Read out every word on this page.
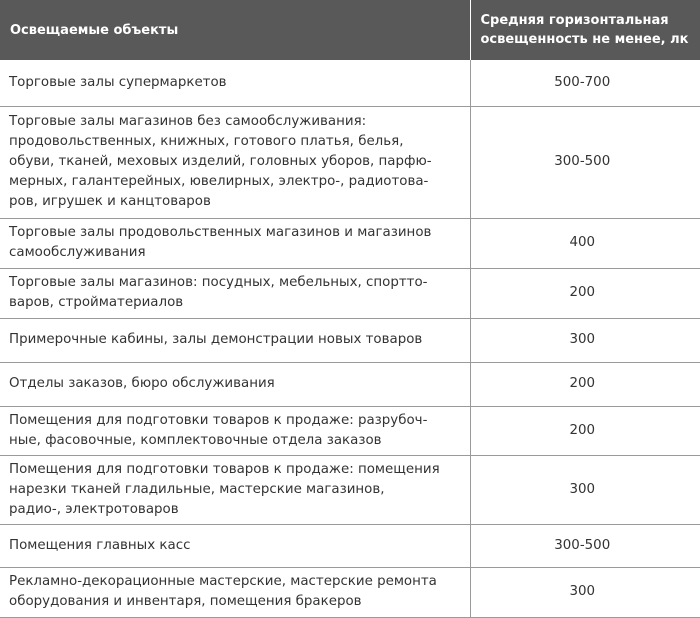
Освещаемые объекты	Средняя горизонтальная освещенность не менее, лк
Торговые залы супермаркетов	500-700
Торговые залы магазинов без самообслуживания:
продовольственных, книжных, готового платья, белья,
обуви, тканей, меховых изделий, головных уборов, парфю-
мерных, галантерейных, ювелирных, электро-, радиотова-
ров, игрушек и канцтоваров	300-500
Торговые залы продовольственных магазинов и магазинов
самообслуживания	400
Торговые залы магазинов: посудных, мебельных, спортто-
варов, стройматериалов	200
Примерочные кабины, залы демонстрации новых товаров	300
Отделы заказов, бюро обслуживания	200
Помещения для подготовки товаров к продаже: разрубоч-
ные, фасовочные, комплектовочные отдела заказов	200
Помещения для подготовки товаров к продаже: помещения
нарезки тканей гладильные, мастерские магазинов,
радио-, электротоваров	300
Помещения главных касс	300-500
Рекламно-декорационные мастерские, мастерские ремонта
оборудования и инвентаря, помещения бракеров	300
